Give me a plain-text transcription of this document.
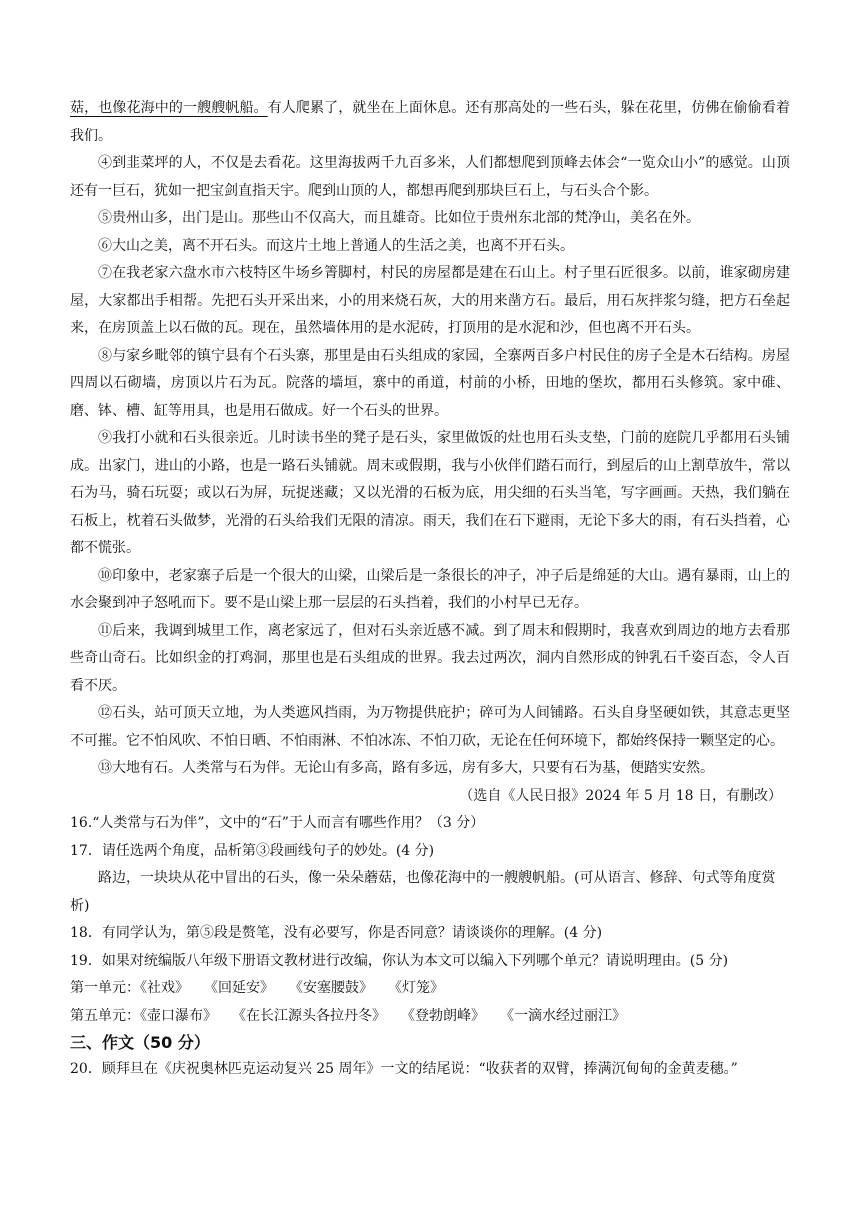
菇，也像花海中的一艘艘帆船。有人爬累了，就坐在上面休息。还有那高处的一些石头，躲在花里，仿佛在偷偷看着我们。

④到韭菜坪的人，不仅是去看花。这里海拔两千九百多米，人们都想爬到顶峰去体会“一览众山小”的感觉。山顶还有一巨石，犹如一把宝剑直指天宇。爬到山顶的人，都想再爬到那块巨石上，与石头合个影。

⑤贵州山多，出门是山。那些山不仅高大，而且雄奇。比如位于贵州东北部的梵净山，美名在外。

⑥大山之美，离不开石头。而这片土地上普通人的生活之美，也离不开石头。

⑦在我老家六盘水市六枝特区牛场乡箐脚村，村民的房屋都是建在石山上。村子里石匠很多。以前，谁家砌房建屋，大家都出手相帮。先把石头开采出来，小的用来烧石灰，大的用来凿方石。最后，用石灰拌浆匀缝，把方石垒起来，在房顶盖上以石做的瓦。现在，虽然墙体用的是水泥砖，打顶用的是水泥和沙，但也离不开石头。

⑧与家乡毗邻的镇宁县有个石头寨，那里是由石头组成的家园，全寨两百多户村民住的房子全是木石结构。房屋四周以石砌墙，房顶以片石为瓦。院落的墙垣，寨中的甬道，村前的小桥，田地的堡坎，都用石头修筑。家中碓、磨、钵、槽、缸等用具，也是用石做成。好一个石头的世界。

⑨我打小就和石头很亲近。儿时读书坐的凳子是石头，家里做饭的灶也用石头支垫，门前的庭院几乎都用石头铺成。出家门，进山的小路，也是一路石头铺就。周末或假期，我与小伙伴们踏石而行，到屋后的山上割草放牛，常以石为马，骑石玩耍；或以石为屏，玩捉迷藏；又以光滑的石板为底，用尖细的石头当笔，写字画画。天热，我们躺在石板上，枕着石头做梦，光滑的石头给我们无限的清凉。雨天，我们在石下避雨，无论下多大的雨，有石头挡着，心都不慌张。

⑩印象中，老家寨子后是一个很大的山梁，山梁后是一条很长的冲子，冲子后是绵延的大山。遇有暴雨，山上的水会聚到冲子怒吼而下。要不是山梁上那一层层的石头挡着，我们的小村早已无存。

⑪后来，我调到城里工作，离老家远了，但对石头亲近感不减。到了周末和假期时，我喜欢到周边的地方去看那些奇山奇石。比如织金的打鸡洞，那里也是石头组成的世界。我去过两次，洞内自然形成的钟乳石千姿百态，令人百看不厌。

⑫石头，站可顶天立地，为人类遮风挡雨，为万物提供庇护；碎可为人间铺路。石头自身坚硬如铁，其意志更坚不可摧。它不怕风吹、不怕日晒、不怕雨淋、不怕冰冻、不怕刀砍，无论在任何环境下，都始终保持一颗坚定的心。

⑬大地有石。人类常与石为伴。无论山有多高，路有多远，房有多大，只要有石为基，便踏实安然。

（选自《人民日报》2024 年 5 月 18 日，有删改）

16.“人类常与石为伴”，文中的“石”于人而言有哪些作用？（3 分）

17．请任选两个角度，品析第③段画线句子的妙处。(4 分)

路边，一块块从花中冒出的石头，像一朵朵蘑菇，也像花海中的一艘艘帆船。(可从语言、修辞、句式等角度赏析)

18．有同学认为，第⑤段是赘笔，没有必要写，你是否同意？请谈谈你的理解。(4 分)

19．如果对统编版八年级下册语文教材进行改编，你认为本文可以编入下列哪个单元？请说明理由。(5 分)

第一单元：《社戏》 《回延安》 《安塞腰鼓》 《灯笼》

第五单元：《壶口瀑布》 《在长江源头各拉丹冬》 《登勃朗峰》 《一滴水经过丽江》

三、作文（50 分）

20．顾拜旦在《庆祝奥林匹克运动复兴 25 周年》一文的结尾说：“收获者的双臂，捧满沉甸甸的金黄麦穗。”
